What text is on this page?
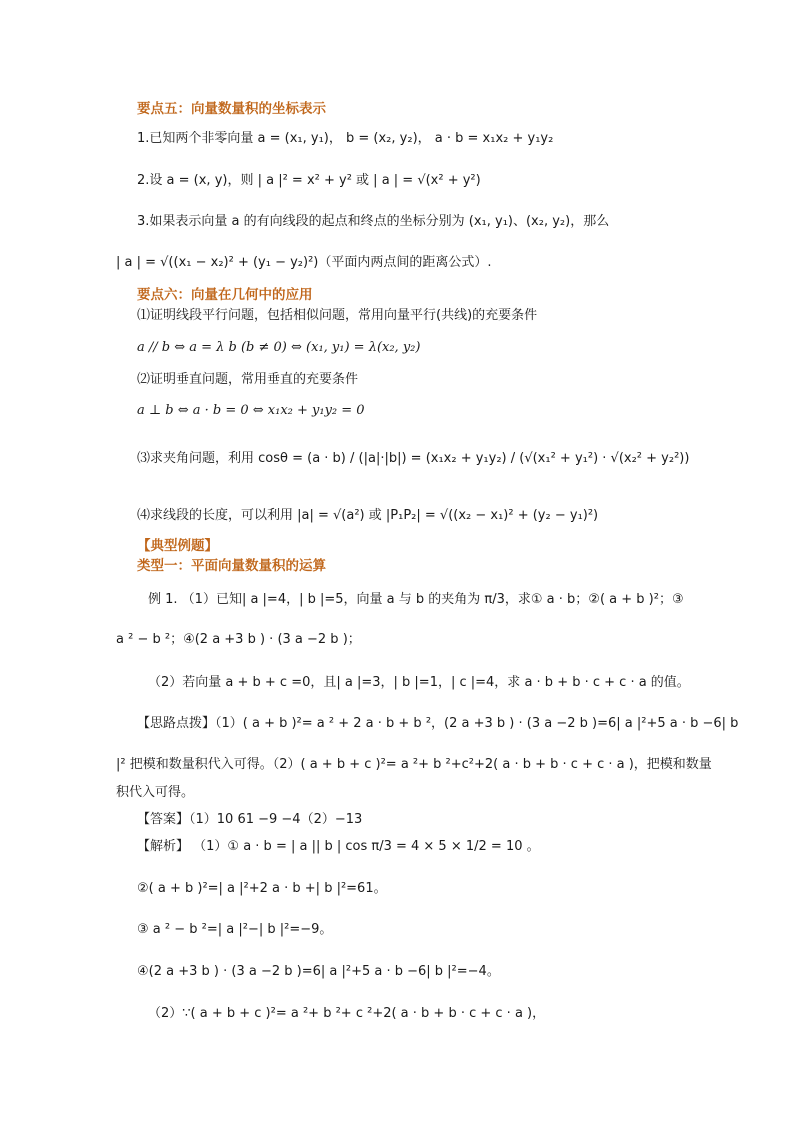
要点五：向量数量积的坐标表示
1.已知两个非零向量 a = (x₁, y₁)， b = (x₂, y₂)， a · b = x₁x₂ + y₁y₂
2.设 a = (x, y)，则 | a |² = x² + y² 或 | a | = √(x² + y²)
3.如果表示向量 a 的有向线段的起点和终点的坐标分别为 (x₁, y₁)、(x₂, y₂)，那么
| a | = √((x₁ − x₂)² + (y₁ − y₂)²)（平面内两点间的距离公式）.
要点六：向量在几何中的应用
⑴证明线段平行问题，包括相似问题，常用向量平行(共线)的充要条件
a // b ⇔ a = λ b (b ≠ 0) ⇔ (x₁, y₁) = λ(x₂, y₂)
⑵证明垂直问题，常用垂直的充要条件
a ⊥ b ⇔ a · b = 0 ⇔ x₁x₂ + y₁y₂ = 0
⑶求夹角问题，利用 cosθ = (a · b) / (|a|·|b|) = (x₁x₂ + y₁y₂) / (√(x₁² + y₁²) · √(x₂² + y₂²))
⑷求线段的长度，可以利用 |a| = √(a²) 或 |P₁P₂| = √((x₂ − x₁)² + (y₂ − y₁)²)
【典型例题】
类型一：平面向量数量积的运算
例 1. （1）已知| a |=4，| b |=5，向量 a 与 b 的夹角为 π/3，求① a · b；②( a + b )²；③
a ² − b ²；④(2 a +3 b ) · (3 a −2 b )；
（2）若向量 a + b + c =0，且| a |=3，| b |=1，| c |=4，求 a · b + b · c + c · a 的值。
【思路点拨】（1）( a + b )²= a ² + 2 a · b + b ²，(2 a +3 b ) · (3 a −2 b )=6| a |²+5 a · b −6| b
|² 把模和数量积代入可得。（2）( a + b + c )²= a ²+ b ²+c²+2( a · b + b · c + c · a )，把模和数量
积代入可得。
【答案】（1）10 61 −9 −4（2）−13
【解析】 （1）① a · b = | a || b | cos π/3 = 4 × 5 × 1/2 = 10 。
②( a + b )²=| a |²+2 a · b +| b |²=61。
③ a ² − b ²=| a |²−| b |²=−9。
④(2 a +3 b ) · (3 a −2 b )=6| a |²+5 a · b −6| b |²=−4。
（2）∵( a + b + c )²= a ²+ b ²+ c ²+2( a · b + b · c + c · a )，
